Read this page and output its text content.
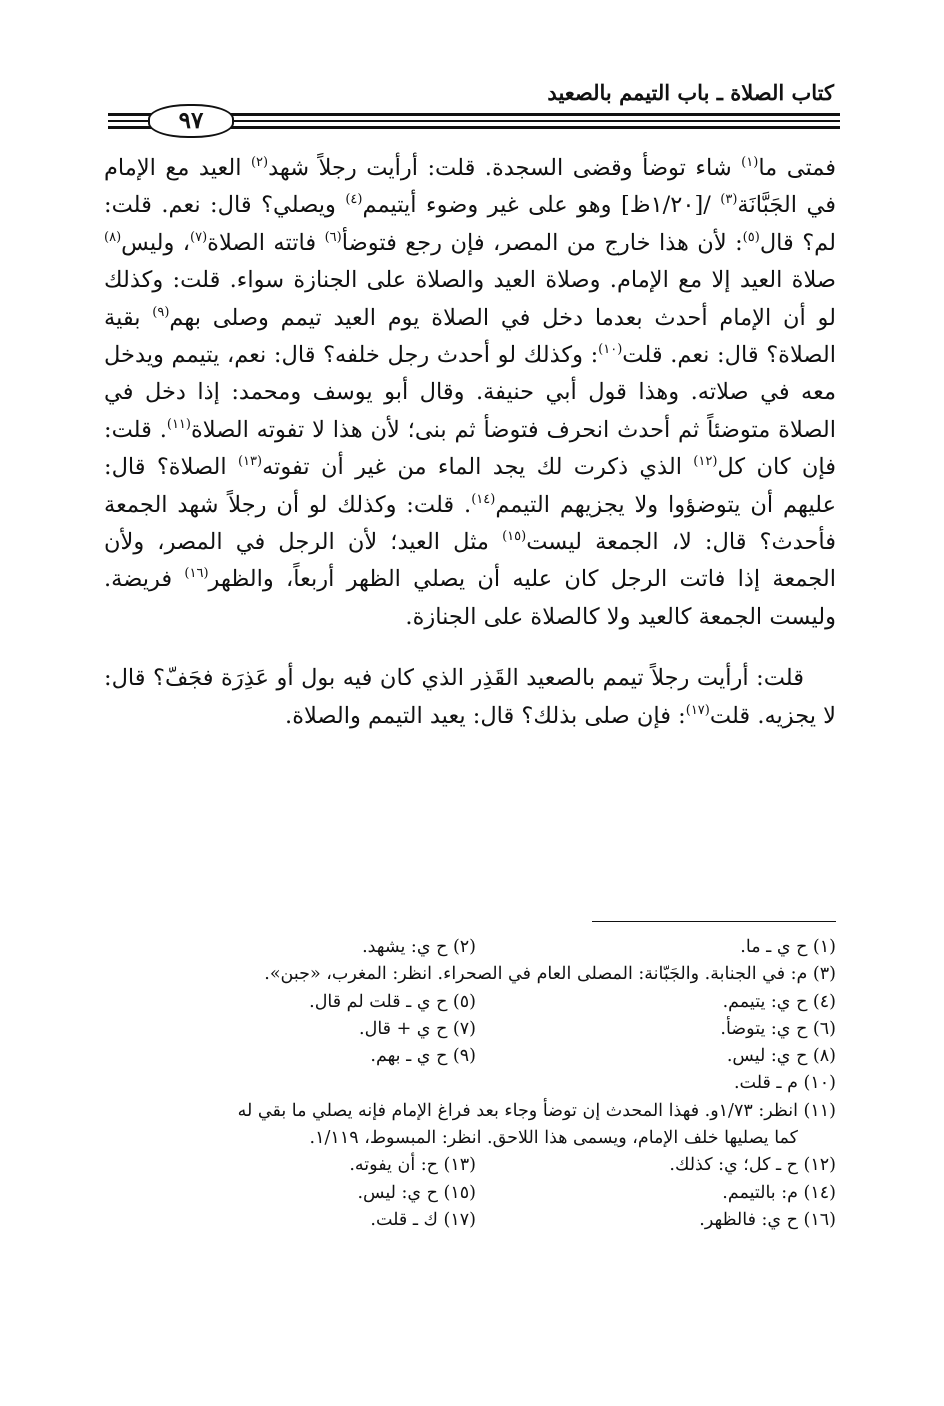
كتاب الصلاة ـ باب التيمم بالصعيد
٩٧

فمتى ما$^{(١)}$ شاء توضأ وقضى السجدة. قلت: أرأيت رجلاً شهد$^{(٢)}$ العيد مع الإمام في الجَبَّانَة$^{(٣)}$ /[١/٢٠ظ] وهو على غير وضوء أيتيمم$^{(٤)}$ ويصلي؟ قال: نعم. قلت: لم؟ قال$^{(٥)}$: لأن هذا خارج من المصر، فإن رجع فتوضأ$^{(٦)}$ فاتته الصلاة$^{(٧)}$، وليس$^{(٨)}$ صلاة العيد إلا مع الإمام. وصلاة العيد والصلاة على الجنازة سواء. قلت: وكذلك لو أن الإمام أحدث بعدما دخل في الصلاة يوم العيد تيمم وصلى بهم$^{(٩)}$ بقية الصلاة؟ قال: نعم. قلت$^{(١٠)}$: وكذلك لو أحدث رجل خلفه؟ قال: نعم، يتيمم ويدخل معه في صلاته. وهذا قول أبي حنيفة. وقال أبو يوسف ومحمد: إذا دخل في الصلاة متوضئاً ثم أحدث انحرف فتوضأ ثم بنى؛ لأن هذا لا تفوته الصلاة$^{(١١)}$. قلت: فإن كان كل$^{(١٢)}$ الذي ذكرت لك يجد الماء من غير أن تفوته$^{(١٣)}$ الصلاة؟ قال: عليهم أن يتوضؤوا ولا يجزيهم التيمم$^{(١٤)}$. قلت: وكذلك لو أن رجلاً شهد الجمعة فأحدث؟ قال: لا، الجمعة ليست$^{(١٥)}$ مثل العيد؛ لأن الرجل في المصر، ولأن الجمعة إذا فاتت الرجل كان عليه أن يصلي الظهر أربعاً، والظهر$^{(١٦)}$ فريضة. وليست الجمعة كالعيد ولا كالصلاة على الجنازة.

قلت: أرأيت رجلاً تيمم بالصعيد القَذِر الذي كان فيه بول أو عَذِرَة فجَفّ؟ قال: لا يجزيه. قلت$^{(١٧)}$: فإن صلى بذلك؟ قال: يعيد التيمم والصلاة.

(١) ح ي ـ ما.
(٢) ح ي: يشهد.
(٣) م: في الجنابة. والجَبّانة: المصلى العام في الصحراء. انظر: المغرب، «جبن».
(٤) ح ي: يتيمم.
(٥) ح ي ـ قلت لم قال.
(٦) ح ي: يتوضأ.
(٧) ح ي + قال.
(٨) ح ي: ليس.
(٩) ح ي ـ بهم.
(١٠) م ـ قلت.
(١١) انظر: ١/٧٣و. فهذا المحدث إن توضأ وجاء بعد فراغ الإمام فإنه يصلي ما بقي له
كما يصليها خلف الإمام، ويسمى هذا اللاحق. انظر: المبسوط، ١/١١٩.
(١٢) ح ـ كل؛ ي: كذلك.
(١٣) ح: أن يفوته.
(١٤) م: بالتيمم.
(١٥) ح ي: ليس.
(١٦) ح ي: فالظهر.
(١٧) ك ـ قلت.
